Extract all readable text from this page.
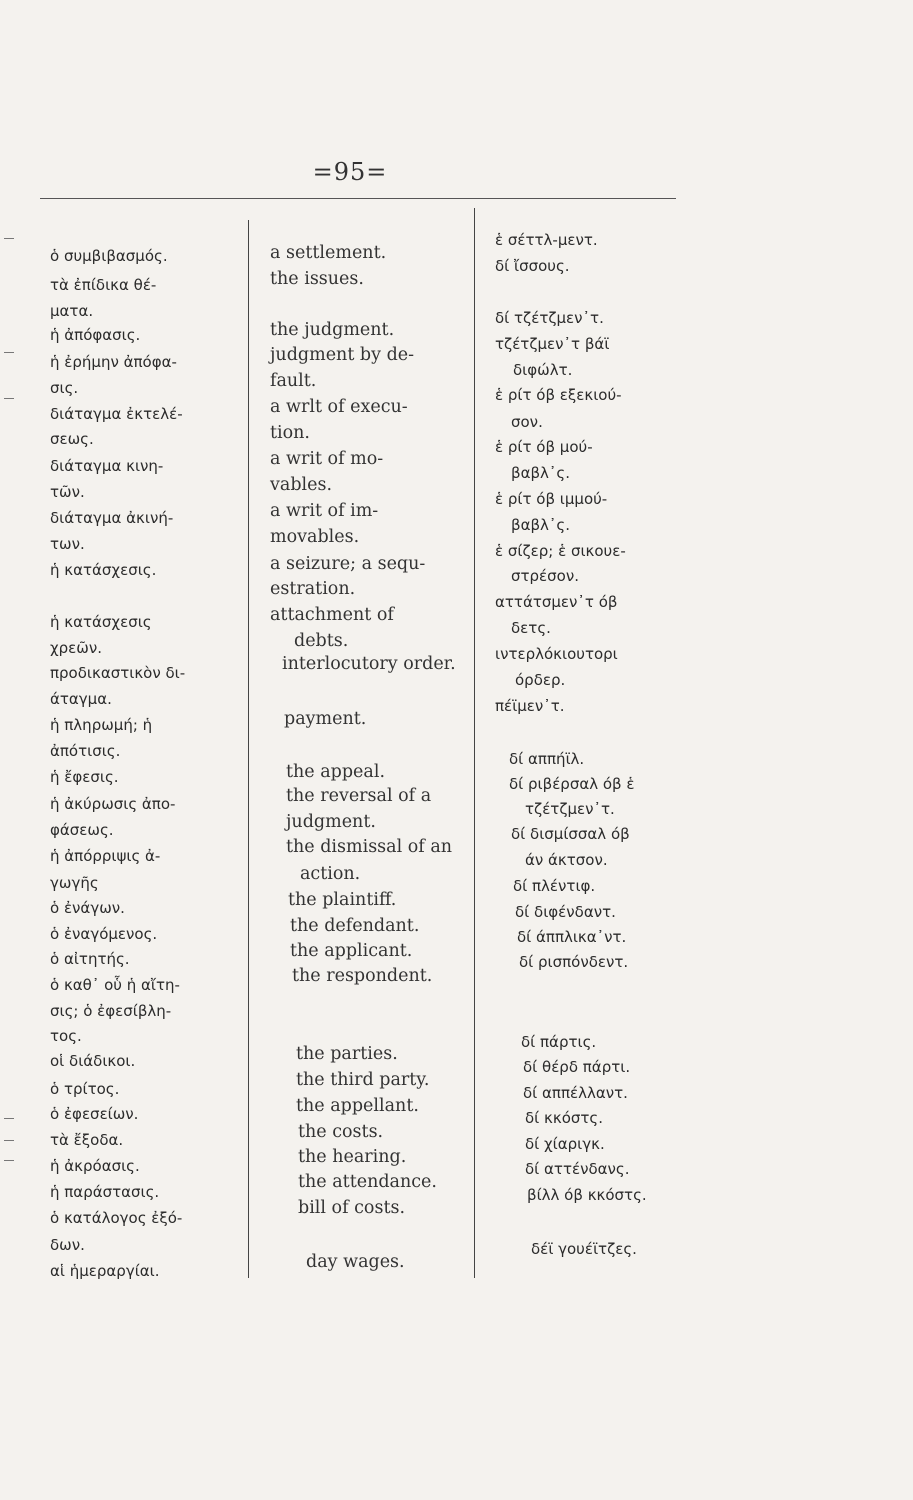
=95=
ὁ συμβιβασμός.
τὰ ἐπίδικα θέ-
ματα.
ἡ ἀπόφασις.
ἡ ἐρήμην ἀπόφα-
σις.
διάταγμα ἐκτελέ-
σεως.
διάταγμα κινη-
τῶν.
διάταγμα ἀκινή-
των.
ἡ κατάσχεσις.
ἡ κατάσχεσις
χρεῶν.
προδικαστικὸν δι-
άταγμα.
ἡ πληρωμή; ἡ
ἀπότισις.
ἡ ἔφεσις.
ἡ ἀκύρωσις ἀπο-
φάσεως.
ἡ ἀπόρριψις ἀ-
γωγῆς
ὁ ἐνάγων.
ὁ ἐναγόμενος.
ὁ αἰτητής.
ὁ καθ᾽ οὗ ἡ αἴτη-
σις; ὁ ἐφεσίβλη-
τος.
οἱ διάδικοι.
ὁ τρίτος.
ὁ ἐφεσείων.
τὰ ἔξοδα.
ἡ ἀκρόασις.
ἡ παράστασις.
ὁ κατάλογος ἐξό-
δων.
αἱ ἡμεραργίαι.
a settlement.
the issues.
the judgment.
judgment by de-
fault.
a wrlt of execu-
tion.
a writ of mo-
vables.
a writ of im-
movables.
a seizure; a sequ-
estration.
attachment of
debts.
interlocutory order.
payment.
the appeal.
the reversal of a
judgment.
the dismissal of an
action.
the plaintiff.
the defendant.
the applicant.
the respondent.
the parties.
the third party.
the appellant.
the costs.
the hearing.
the attendance.
bill of costs.
day wages.
ἑ σέττλ-μεντ.
δί ἴσσους.
δί τζέτζμεν᾽τ.
τζέτζμεν᾽τ βάϊ
διφώλτ.
ἑ ρίτ όβ εξεκιού-
σον.
ἑ ρίτ όβ μού-
βαβλ᾽ς.
ἑ ρίτ όβ ιμμού-
βαβλ᾽ς.
ἑ σίζερ; ἑ σικουε-
στρέσον.
αττάτσμεν᾽τ όβ
δετς.
ιντερλόκιουτορι
όρδερ.
πέϊμεν᾽τ.
δί αππήϊλ.
δί ριβέρσαλ όβ ἑ
τζέτζμεν᾽τ.
δί δισμίσσαλ όβ
άν άκτσον.
δί πλέντιφ.
δί διφένδαντ.
δί άππλικα᾽ντ.
δί ρισπόνδεντ.
δί πάρτις.
δί θέρδ πάρτι.
δί αππέλλαντ.
δί κκόστς.
δί χίαριγκ.
δί αττένδανς.
βίλλ όβ κκόστς.
δέϊ γουέϊτζες.
